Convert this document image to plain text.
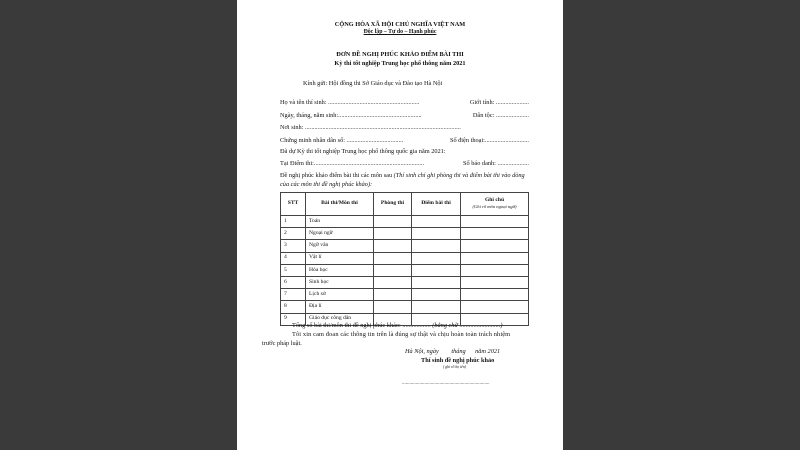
CỘNG HÒA XÃ HỘI CHỦ NGHĨA VIỆT NAM
Độc lập – Tự do – Hạnh phúc
ĐƠN ĐỀ NGHỊ PHÚC KHẢO ĐIỂM BÀI THI
Kỳ thi tốt nghiệp Trung học phổ thông năm 2021
Kính gửi: Hội đồng thi Sở Giáo dục và Đào tạo Hà Nội
Họ và tên thí sinh: ..........................................................	Giới tính: .....................
Ngày, tháng, năm sinh:.....................................................	Dân tộc: .....................
Nơi sinh: ...................................................................................................
Chứng minh nhân dân số: ....................................	Số điện thoại:............................
Đã dự Kỳ thi tốt nghiệp Trung học phổ thông quốc gia năm 2021:
Tại Điểm thi:......................................................................	Số báo danh: ....................
Đề nghị phúc khảo điểm bài thi các môn sau (Thí sinh chỉ ghi phòng thi và điểm bài thi vào dòng của các môn thi đề nghị phúc khảo):
STT	Bài thi/Môn thi	Phòng thi	Điểm bài thi	Ghi chú
(Ghi rõ môn ngoại ngữ)

1	Toán			
2	Ngoại ngữ			
3	Ngữ văn			
4	Vật lí			
5	Hóa học			
6	Sinh học			
7	Lịch sử			
8	Địa lí			
9	Giáo dục công dân			
Tổng số bài thi/môn thi đề nghị phúc khảo: .................. (bằng chữ ..........................)
Tôi xin cam đoan các thông tin trên là đúng sự thật và chịu hoàn toàn trách nhiệm
trước pháp luật.
Hà Nội, ngày        tháng      năm 2021
Thí sinh đề nghị phúc khảo
( ghi rõ họ tên)
......................................................................
